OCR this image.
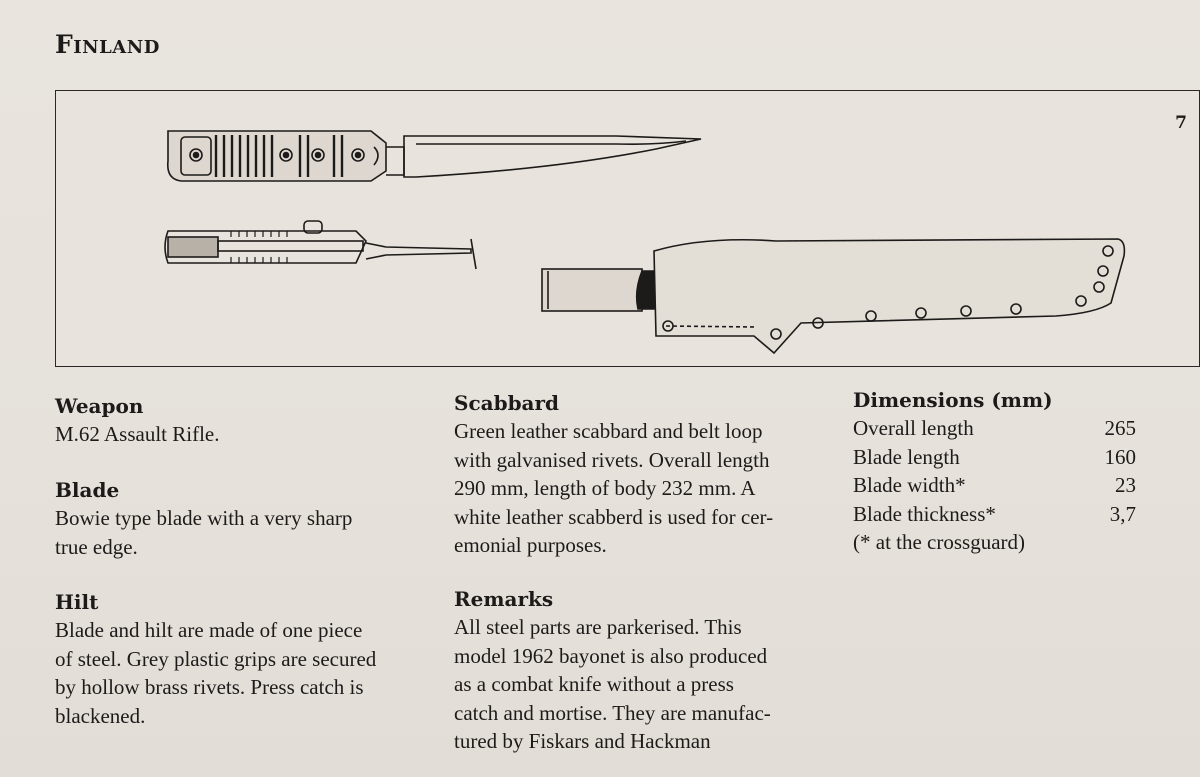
Finland
7
Weapon

M.62 Assault Rifle.

Blade

Bowie type blade with a very sharp
true edge.

Hilt

Blade and hilt are made of one piece
of steel. Grey plastic grips are secured
by hollow brass rivets. Press catch is
blackened.

Scabbard

Green leather scabbard and belt loop
with galvanised rivets. Overall length
290 mm, length of body 232 mm. A
white leather scabberd is used for cer-
emonial purposes.

Remarks

All steel parts are parkerised. This
model 1962 bayonet is also produced
as a combat knife without a press
catch and mortise. They are manufac-
tured by Fiskars and Hackman

Dimensions (mm)
Overall length	265
Blade length	160
Blade width*	23
Blade thickness*	3,7

(* at the crossguard)
